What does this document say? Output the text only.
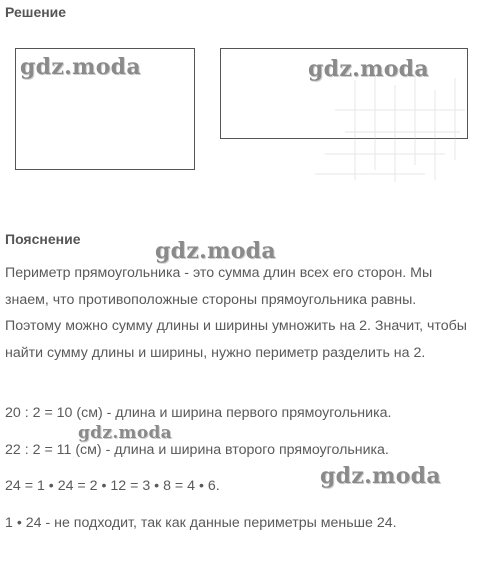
Решение
Пояснение
Периметр прямоугольника - это сумма длин всех его сторон. Мы знаем, что противоположные стороны прямоугольника равны. Поэтому можно сумму длины и ширины умножить на 2. Значит, чтобы найти сумму длины и ширины, нужно периметр разделить на 2.
20 : 2 = 10 (см) - длина и ширина первого прямоугольника.
22 : 2 = 11 (см) - длина и ширина второго прямоугольника.
24 = 1 • 24 = 2 • 12 = 3 • 8 = 4 • 6.
1 • 24 - не подходит, так как данные периметры меньше 24.
gdz.moda	gdz.moda
gdz.moda
gdz.moda
gdz.moda
